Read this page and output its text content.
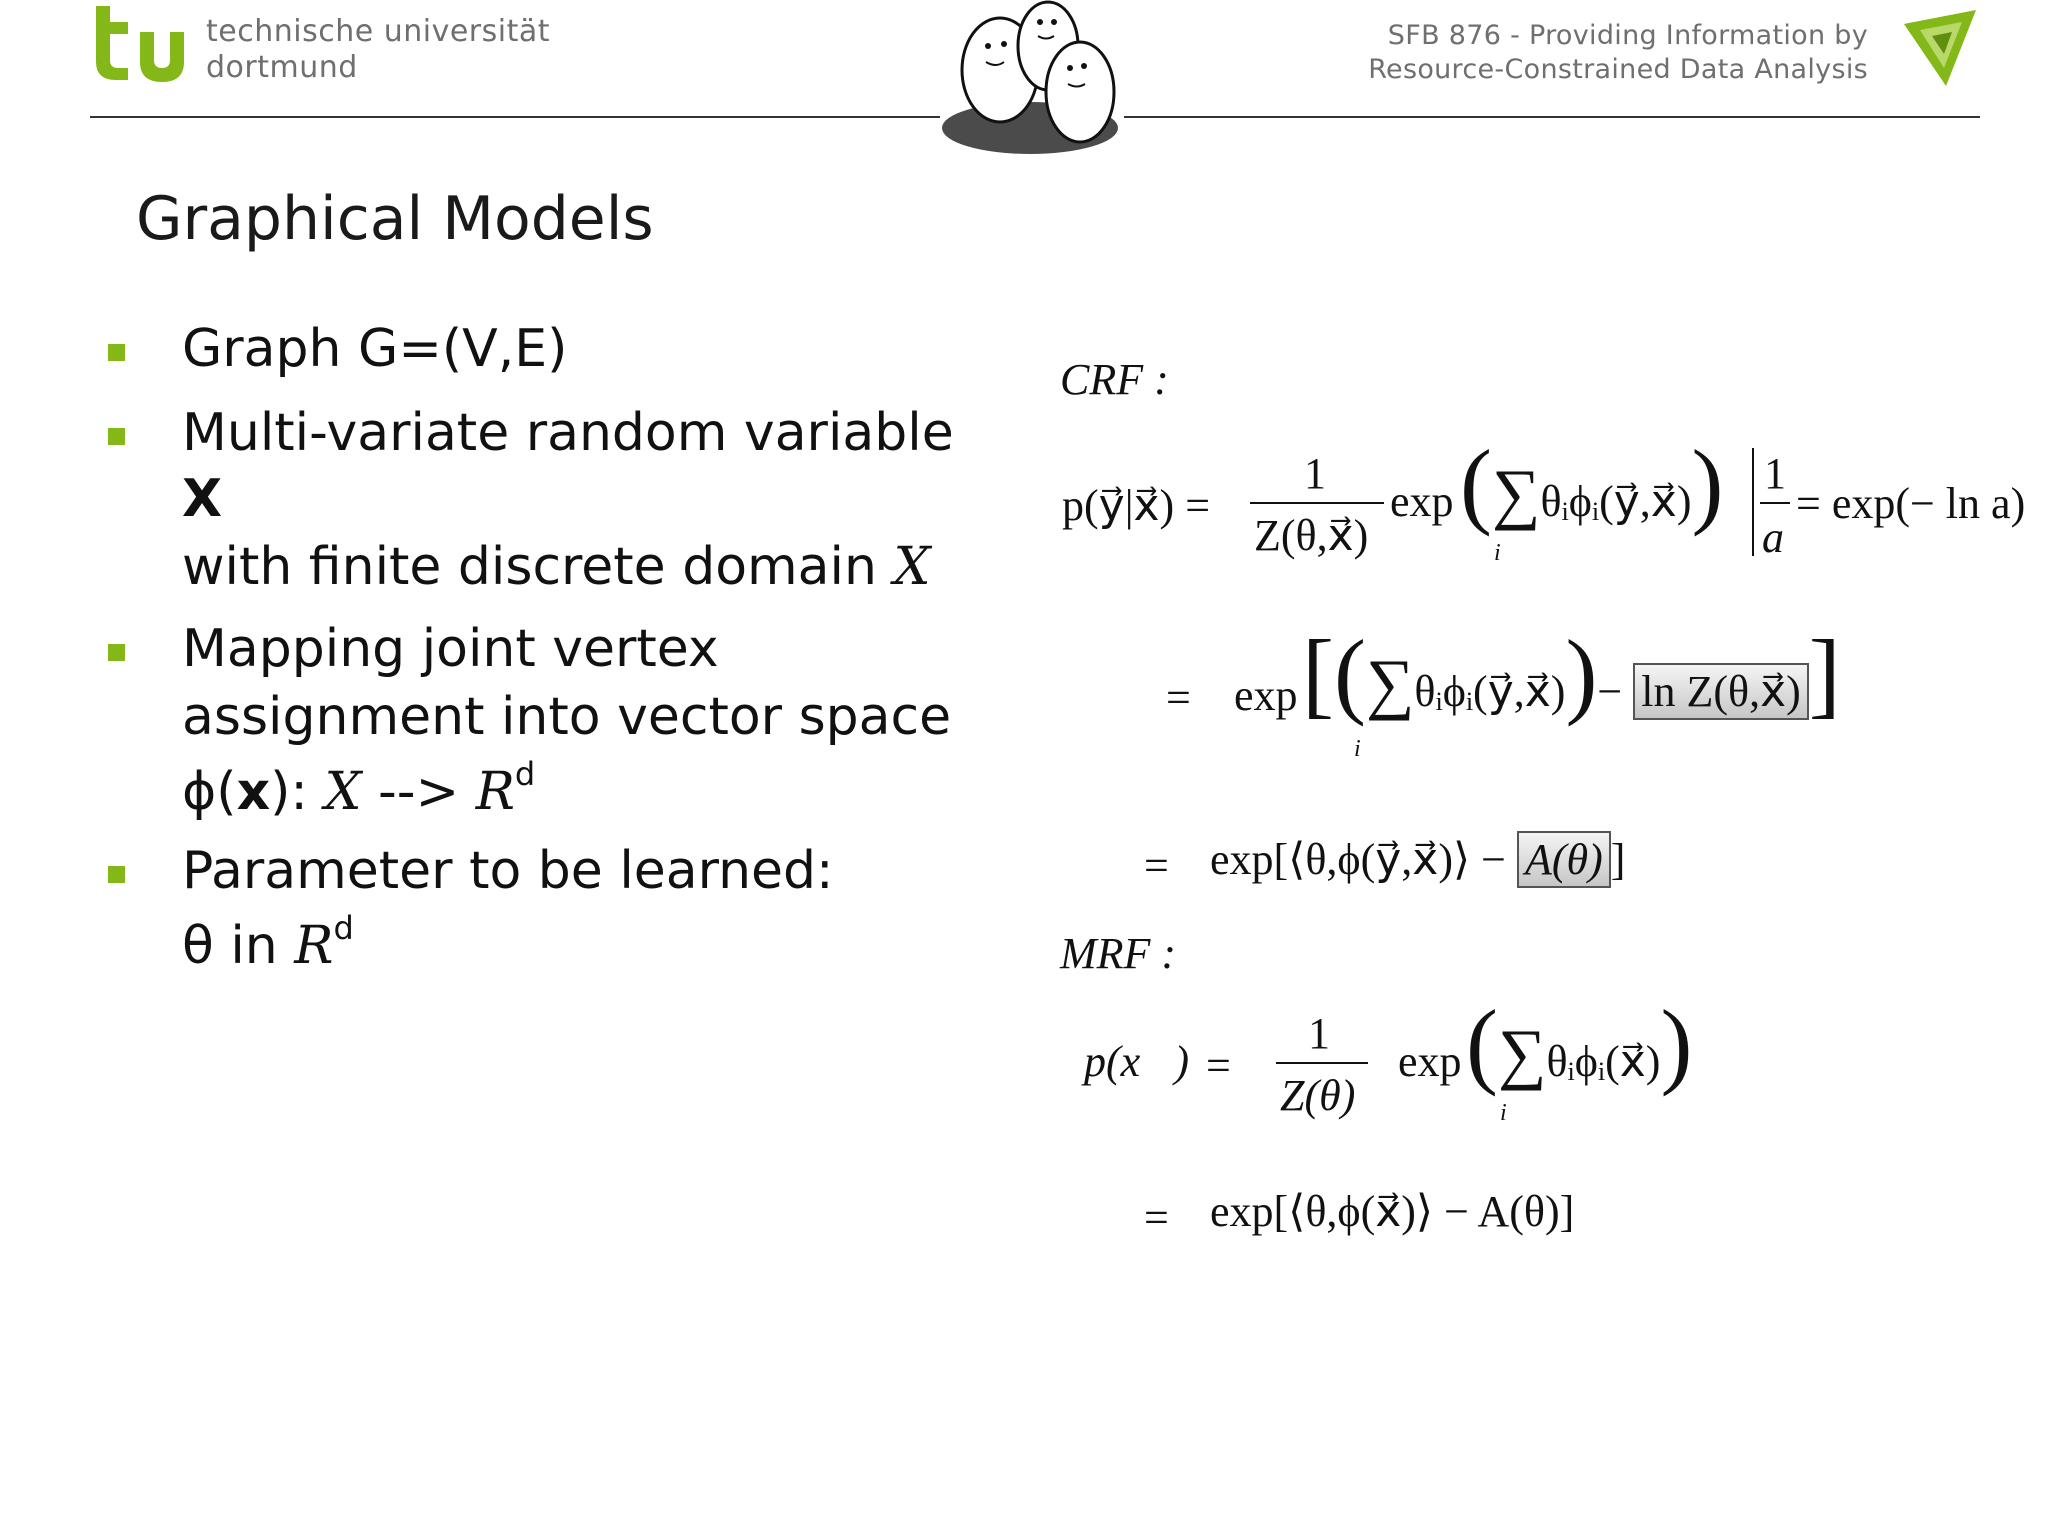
technische universität
dortmund
SFB 876 - Providing Information by
Resource-Constrained Data Analysis
Graphical Models
Graph G=(V,E)
Multi-variate random variable
X
with finite discrete domain X
Mapping joint vertex
assignment into vector space
ϕ(x): X --> $R^d$
Parameter to be learned:
θ in $R^d$
CRF :
p(y⃗|x⃗) =
1
Z(θ,x⃗)
exp (∑θᵢϕᵢ(y⃗,x⃗))
i
1
a
= exp(− ln a)
= exp [(∑θᵢϕᵢ(y⃗,x⃗))− ln Z(θ,x⃗)]
i
= exp[⟨θ,ϕ(y⃗,x⃗)⟩ − A(θ) ]
MRF :
p(x⃗) =
1
Z(θ)
exp (∑θᵢϕᵢ(x⃗))
i
= exp[⟨θ,ϕ(x⃗)⟩ − A(θ)]
